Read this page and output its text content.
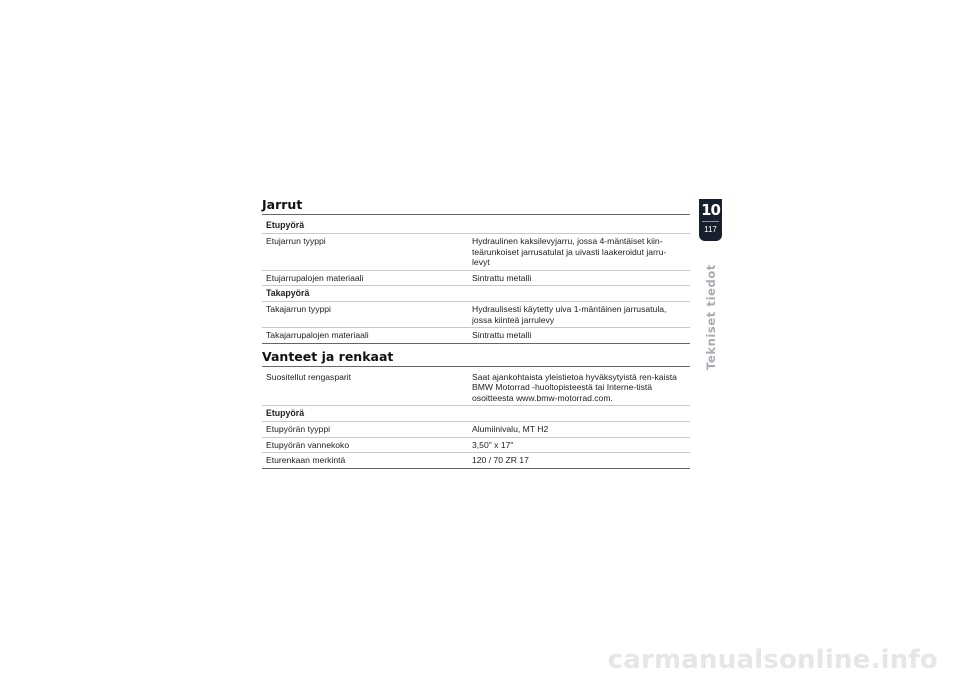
Jarrut
Etupyörä
Etujarrun tyyppi	Hydraulinen kaksilevyjarru, jossa 4-mäntäiset kiin-teärunkoiset jarrusatulat ja uivasti laakeroidut jarru-levyt
Etujarrupalojen materiaali	Sintrattu metalli
Takapyörä
Takajarrun tyyppi	Hydraulisesti käytetty uiva 1-mäntäinen jarrusatula, jossa kiinteä jarrulevy
Takajarrupalojen materiaali	Sintrattu metalli
Vanteet ja renkaat
Suositellut rengasparit	Saat ajankohtaista yleistietoa hyväksytyistä ren-kaista BMW Motorrad -huoltopisteestä tai Interne-tistä osoitteesta www.bmw-motorrad.com.
Etupyörä
Etupyörän tyyppi	Alumiinivalu, MT H2
Etupyörän vannekoko	3,50" x 17"
Eturenkaan merkintä	120 / 70 ZR 17
10
117
Tekniset tiedot
carmanualsonline.info
